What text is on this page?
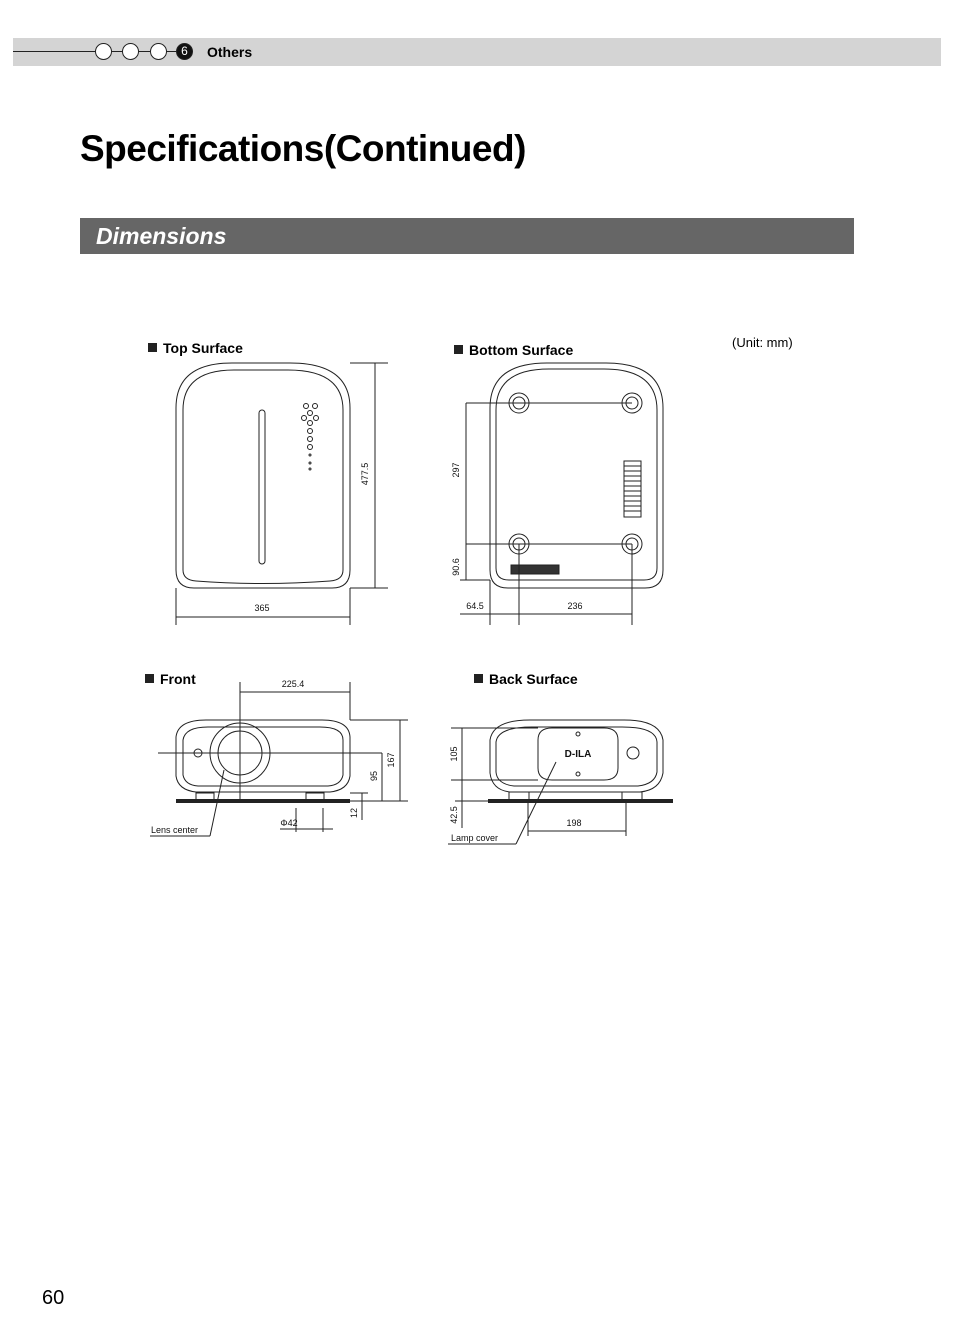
6	Others
Specifications(Continued)
Dimensions
(Unit: mm)
Top Surface	Bottom Surface
Front	Back Surface
365
477.5	297
90.6
64.5	236
225.4
167
95
12
Φ42
Lens center
105
42.5	198
Lamp cover
D-ILA
60
